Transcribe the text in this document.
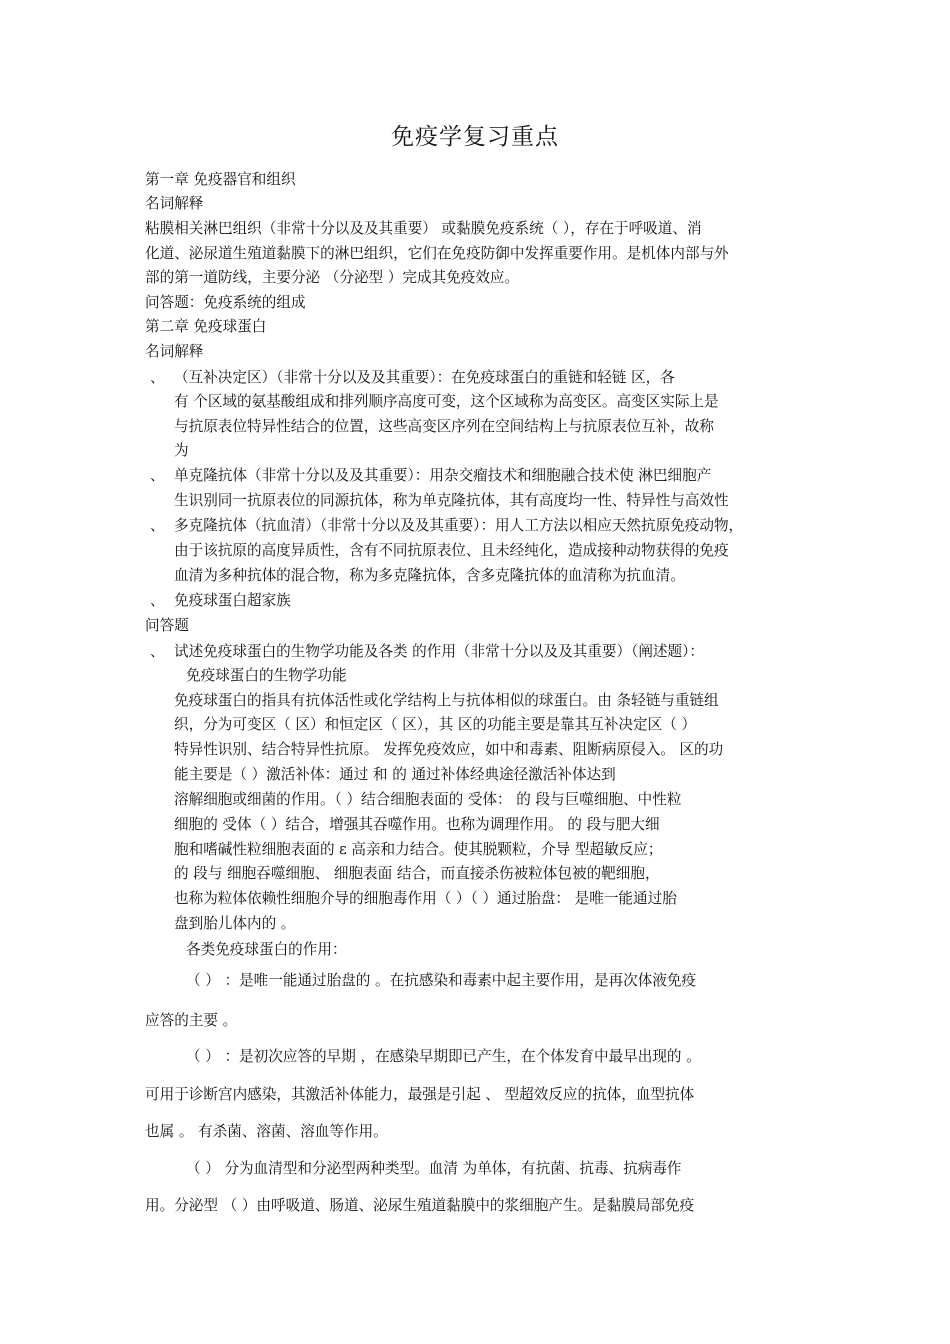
免疫学复习重点
第一章 免疫器官和组织
名词解释
粘膜相关淋巴组织（非常十分以及及其重要） 或黏膜免疫系统（ ），存在于呼吸道、消
化道、泌尿道生殖道黏膜下的淋巴组织，它们在免疫防御中发挥重要作用。是机体内部与外
部的第一道防线，主要分泌 （分泌型 ）完成其免疫效应。
问答题：免疫系统的组成
第二章 免疫球蛋白
名词解释
、 （互补决定区）（非常十分以及及其重要）：在免疫球蛋白的重链和轻链 区，各
有 个区域的氨基酸组成和排列顺序高度可变，这个区域称为高变区。高变区实际上是
与抗原表位特异性结合的位置，这些高变区序列在空间结构上与抗原表位互补，故称
为
、 单克隆抗体（非常十分以及及其重要）：用杂交瘤技术和细胞融合技术使 淋巴细胞产
生识别同一抗原表位的同源抗体，称为单克隆抗体，其有高度均一性、特异性与高效性
、 多克隆抗体（抗血清）（非常十分以及及其重要）：用人工方法以相应天然抗原免疫动物，
由于该抗原的高度异质性，含有不同抗原表位、且未经纯化，造成接种动物获得的免疫
血清为多种抗体的混合物，称为多克隆抗体，含多克隆抗体的血清称为抗血清。
、 免疫球蛋白超家族
问答题
、 试述免疫球蛋白的生物学功能及各类 的作用（非常十分以及及其重要）（阐述题）：
免疫球蛋白的生物学功能
免疫球蛋白的指具有抗体活性或化学结构上与抗体相似的球蛋白。由 条轻链与重链组
织，分为可变区（ 区）和恒定区（ 区），其 区的功能主要是靠其互补决定区（ ）
特异性识别、结合特异性抗原。 发挥免疫效应，如中和毒素、阻断病原侵入。 区的功
能主要是（ ）激活补体：通过 和 的 通过补体经典途径激活补体达到
溶解细胞或细菌的作用。（ ）结合细胞表面的 受体： 的 段与巨噬细胞、中性粒
细胞的 受体（ ）结合，增强其吞噬作用。也称为调理作用。 的 段与肥大细
胞和嗜碱性粒细胞表面的 ε 高亲和力结合。使其脱颗粒，介导 型超敏反应；
的 段与 细胞吞噬细胞、 细胞表面 结合，而直接杀伤被粒体包被的靶细胞，
也称为粒体依赖性细胞介导的细胞毒作用（ ）（ ）通过胎盘： 是唯一能通过胎
盘到胎儿体内的 。
各类免疫球蛋白的作用：
（ ） ：是唯一能通过胎盘的 。在抗感染和毒素中起主要作用，是再次体液免疫
应答的主要 。
（ ） ：是初次应答的早期 ，在感染早期即已产生，在个体发育中最早出现的 。
可用于诊断宫内感染，其激活补体能力，最强是引起 、 型超效反应的抗体，血型抗体
也属 。 有杀菌、溶菌、溶血等作用。
（ ） 分为血清型和分泌型两种类型。血清 为单体，有抗菌、抗毒、抗病毒作
用。分泌型 （ ）由呼吸道、肠道、泌尿生殖道黏膜中的浆细胞产生。是黏膜局部免疫
